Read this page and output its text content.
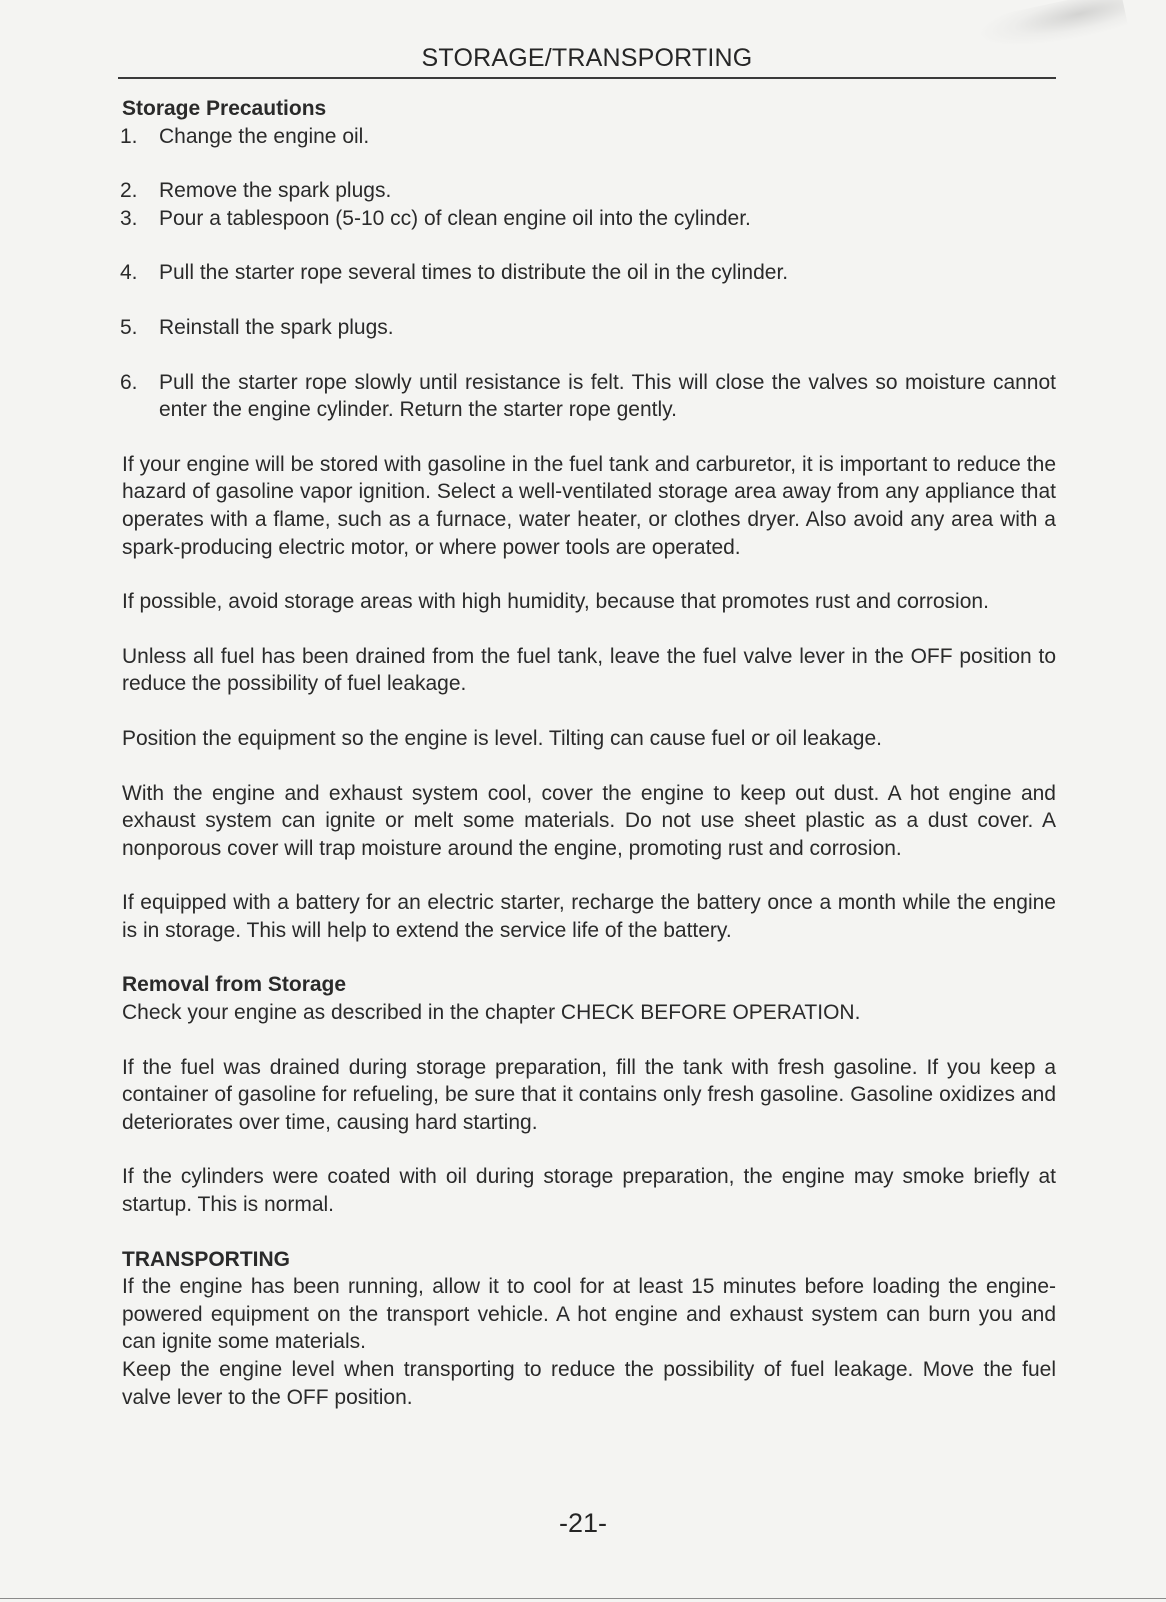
STORAGE/TRANSPORTING
Storage Precautions
1. Change the engine oil.
2. Remove the spark plugs.
3. Pour a tablespoon (5-10 cc) of clean engine oil into the cylinder.
4. Pull the starter rope several times to distribute the oil in the cylinder.
5. Reinstall the spark plugs.
6. Pull the starter rope slowly until resistance is felt. This will close the valves so moisture cannot enter the engine cylinder. Return the starter rope gently.

If your engine will be stored with gasoline in the fuel tank and carburetor, it is important to reduce the hazard of gasoline vapor ignition. Select a well-ventilated storage area away from any appliance that operates with a flame, such as a furnace, water heater, or clothes dryer. Also avoid any area with a spark-producing electric motor, or where power tools are operated.

If possible, avoid storage areas with high humidity, because that promotes rust and corrosion.

Unless all fuel has been drained from the fuel tank, leave the fuel valve lever in the OFF position to reduce the possibility of fuel leakage.

Position the equipment so the engine is level. Tilting can cause fuel or oil leakage.

With the engine and exhaust system cool, cover the engine to keep out dust. A hot engine and exhaust system can ignite or melt some materials. Do not use sheet plastic as a dust cover. A nonporous cover will trap moisture around the engine, promoting rust and corrosion.

If equipped with a battery for an electric starter, recharge the battery once a month while the engine is in storage. This will help to extend the service life of the battery.

Removal from Storage

Check your engine as described in the chapter CHECK BEFORE OPERATION.

If the fuel was drained during storage preparation, fill the tank with fresh gasoline. If you keep a container of gasoline for refueling, be sure that it contains only fresh gasoline. Gasoline oxidizes and deteriorates over time, causing hard starting.

If the cylinders were coated with oil during storage preparation, the engine may smoke briefly at startup. This is normal.

TRANSPORTING

If the engine has been running, allow it to cool for at least 15 minutes before loading the engine-powered equipment on the transport vehicle. A hot engine and exhaust system can burn you and can ignite some materials.

Keep the engine level when transporting to reduce the possibility of fuel leakage. Move the fuel valve lever to the OFF position.

-21-
